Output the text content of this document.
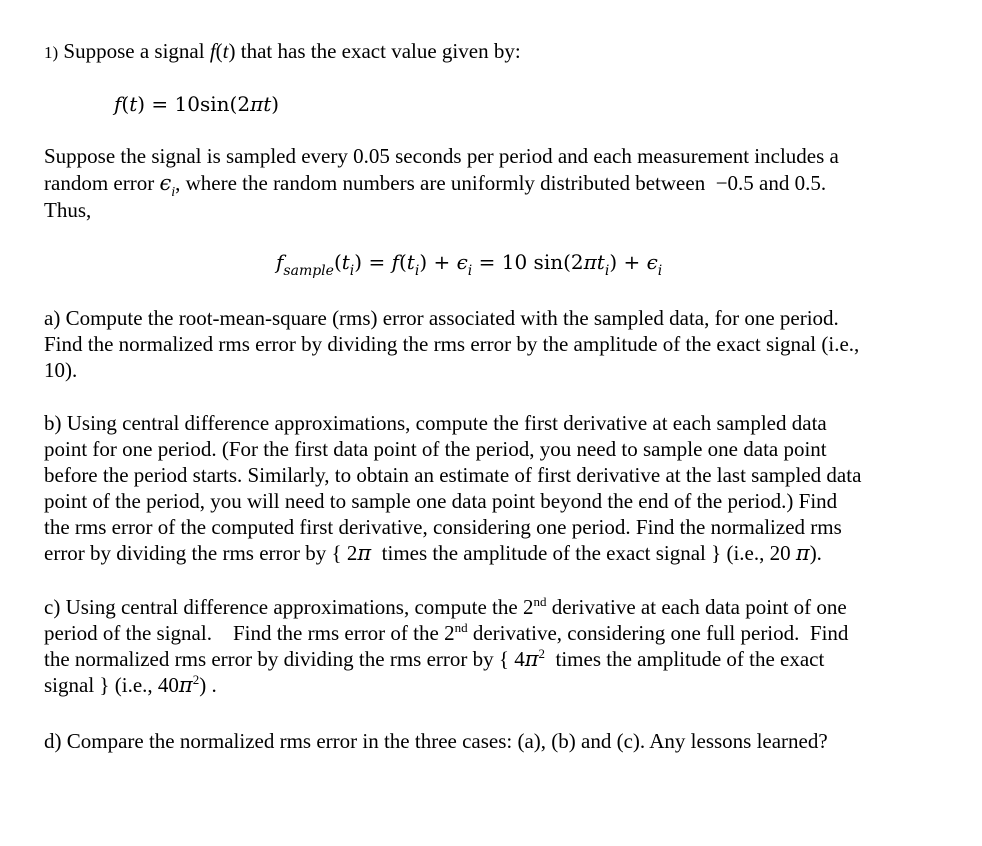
1) Suppose a signal f(t) that has the exact value given by:
f(t) = 10sin(2πt)
Suppose the signal is sampled every 0.05 seconds per period and each measurement includes a
random error $\epsilon_i$, where the random numbers are uniformly distributed between  −0.5 and 0.5.
Thus,
$f_{sample}(t_i) = f(t_i) + \epsilon_i = 10$ $\sin(2\pi t_i) + \epsilon_i$
a) Compute the root-mean-square (rms) error associated with the sampled data, for one period.
Find the normalized rms error by dividing the rms error by the amplitude of the exact signal (i.e.,
10).
b) Using central difference approximations, compute the first derivative at each sampled data
point for one period. (For the first data point of the period, you need to sample one data point
before the period starts. Similarly, to obtain an estimate of first derivative at the last sampled data
point of the period, you will need to sample one data point beyond the end of the period.) Find
the rms error of the computed first derivative, considering one period. Find the normalized rms
error by dividing the rms error by { 2π  times the amplitude of the exact signal } (i.e., 20 π).
c) Using central difference approximations, compute the 2nd derivative at each data point of one
period of the signal.    Find the rms error of the 2nd derivative, considering one full period.  Find
the normalized rms error by dividing the rms error by { $4\pi^2$  times the amplitude of the exact
signal } (i.e., $40\pi^2$) .
d) Compare the normalized rms error in the three cases: (a), (b) and (c). Any lessons learned?
